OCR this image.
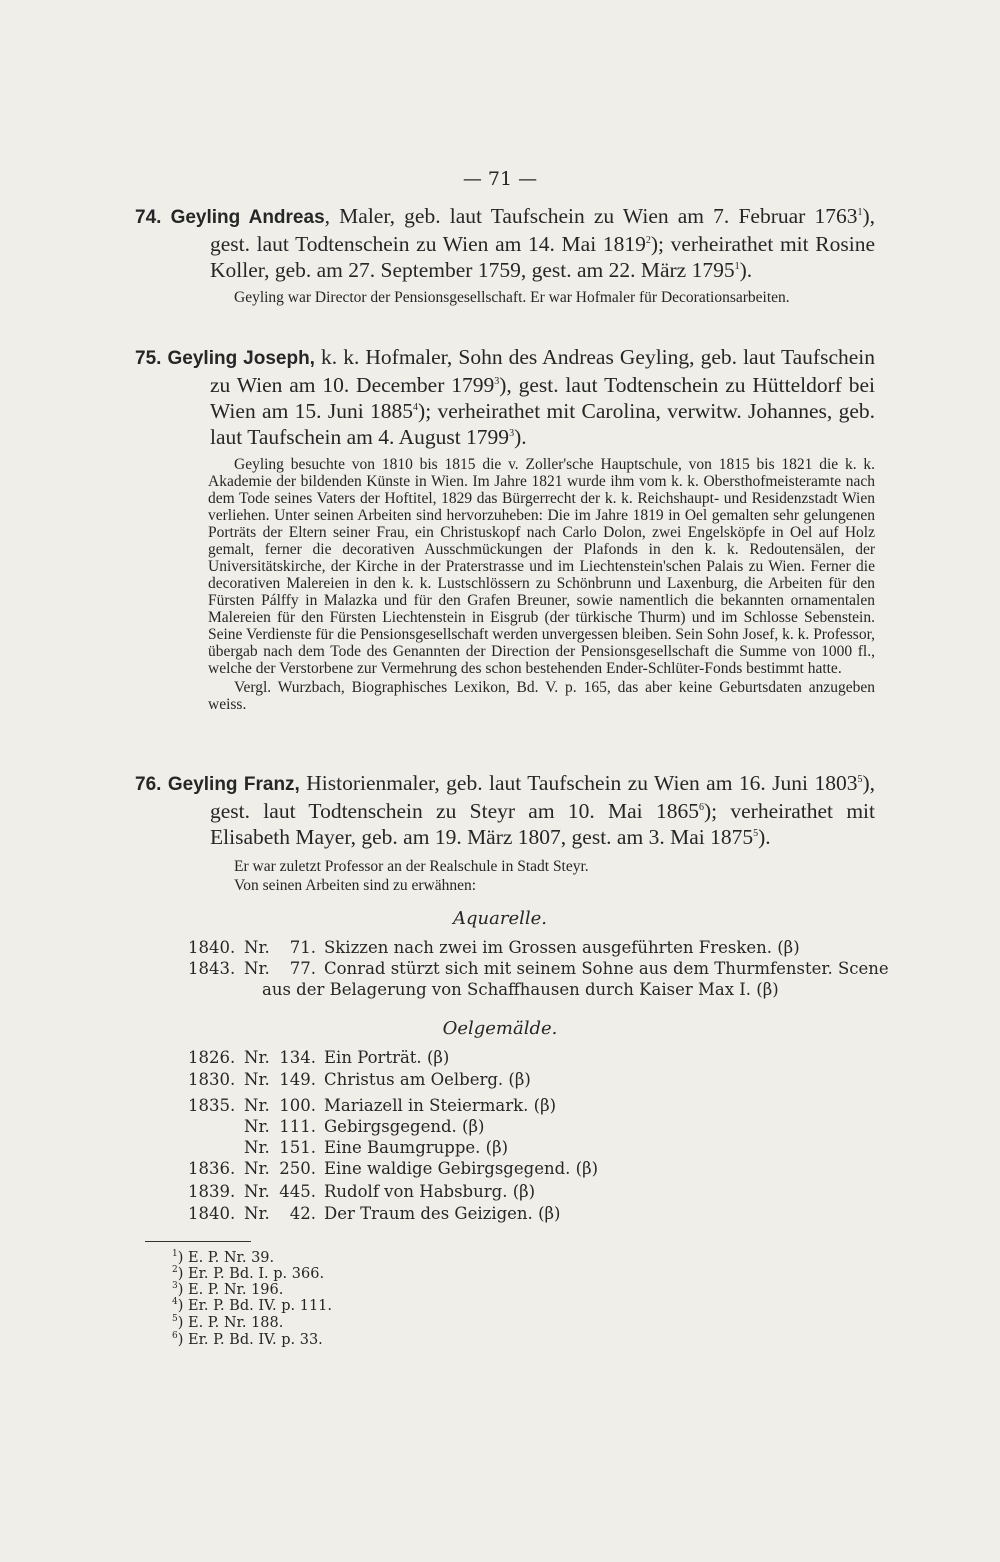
— 71 —
74. Geyling Andreas, Maler, geb. laut Taufschein zu Wien am 7. Februar 1763$^1$), gest. laut Todtenschein zu Wien am 14. Mai 1819$^2$); verheirathet mit Rosine Koller, geb. am 27. September 1759, gest. am 22. März 1795$^1$).
Geyling war Director der Pensionsgesellschaft. Er war Hofmaler für Decorationsarbeiten.
75. Geyling Joseph, k. k. Hofmaler, Sohn des Andreas Geyling, geb. laut Taufschein zu Wien am 10. December 1799$^3$), gest. laut Todtenschein zu Hütteldorf bei Wien am 15. Juni 1885$^4$); verheirathet mit Carolina, verwitw. Johannes, geb. laut Taufschein am 4. August 1799$^3$).
Geyling besuchte von 1810 bis 1815 die v. Zoller'sche Hauptschule, von 1815 bis 1821 die k. k. Akademie der bildenden Künste in Wien. Im Jahre 1821 wurde ihm vom k. k. Obersthofmeisteramte nach dem Tode seines Vaters der Hoftitel, 1829 das Bürgerrecht der k. k. Reichshaupt- und Residenzstadt Wien verliehen. Unter seinen Arbeiten sind hervorzuheben: Die im Jahre 1819 in Oel gemalten sehr gelungenen Porträts der Eltern seiner Frau, ein Christuskopf nach Carlo Dolon, zwei Engelsköpfe in Oel auf Holz gemalt, ferner die decorativen Ausschmückungen der Plafonds in den k. k. Redoutensälen, der Universitätskirche, der Kirche in der Praterstrasse und im Liechtenstein'schen Palais zu Wien. Ferner die decorativen Malereien in den k. k. Lustschlössern zu Schönbrunn und Laxenburg, die Arbeiten für den Fürsten Pálffy in Malazka und für den Grafen Breuner, sowie namentlich die bekannten ornamentalen Malereien für den Fürsten Liechtenstein in Eisgrub (der türkische Thurm) und im Schlosse Sebenstein. Seine Verdienste für die Pensionsgesellschaft werden unvergessen bleiben. Sein Sohn Josef, k. k. Professor, übergab nach dem Tode des Genannten der Direction der Pensionsgesellschaft die Summe von 1000 fl., welche der Verstorbene zur Vermehrung des schon bestehenden Ender-Schlüter-Fonds bestimmt hatte.
Vergl. Wurzbach, Biographisches Lexikon, Bd. V. p. 165, das aber keine Geburtsdaten anzugeben weiss.
76. Geyling Franz, Historienmaler, geb. laut Taufschein zu Wien am 16. Juni 1803$^5$), gest. laut Todtenschein zu Steyr am 10. Mai 1865$^6$); verheirathet mit Elisabeth Mayer, geb. am 19. März 1807, gest. am 3. Mai 1875$^5$).
Er war zuletzt Professor an der Realschule in Stadt Steyr.
Von seinen Arbeiten sind zu erwähnen:
Aquarelle.
1840. Nr. 71. Skizzen nach zwei im Grossen ausgeführten Fresken. (β)
1843. Nr. 77. Conrad stürzt sich mit seinem Sohne aus dem Thurmfenster. Scene
aus der Belagerung von Schaffhausen durch Kaiser Max I. (β)
Oelgemälde.
1826. Nr. 134. Ein Porträt. (β)
1830. Nr. 149. Christus am Oelberg. (β)
1835. Nr. 100. Mariazell in Steiermark. (β)
Nr. 111. Gebirgsgegend. (β)
Nr. 151. Eine Baumgruppe. (β)
1836. Nr. 250. Eine waldige Gebirgsgegend. (β)
1839. Nr. 445. Rudolf von Habsburg. (β)
1840. Nr. 42. Der Traum des Geizigen. (β)
$^1$) E. P. Nr. 39.
$^2$) Er. P. Bd. I. p. 366.
$^3$) E. P. Nr. 196.
$^4$) Er. P. Bd. IV. p. 111.
$^5$) E. P. Nr. 188.
$^6$) Er. P. Bd. IV. p. 33.
